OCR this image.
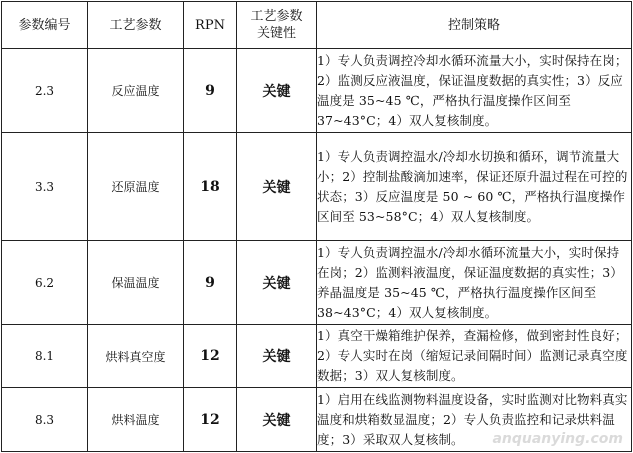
参数编号	工艺参数	RPN	工艺参数关键性	控制策略
2.3	反应温度	9	关键	1）专人负责调控冷却水循环流量大小，实时保持在岗；2）监测反应液温度，保证温度数据的真实性；3）反应温度是 35~45 ℃，严格执行温度操作区间至 37~43°C；4）双人复核制度。
3.3	还原温度	18	关键	1）专人负责调控温水/冷却水切换和循环，调节流量大小；2）控制盐酸滴加速率，保证还原升温过程在可控的状态；3）反应温度是 50 ~ 60 ℃，严格执行温度操作区间至 53~58°C；4）双人复核制度。
6.2	保温温度	9	关键	1）专人负责调控温水/冷却水循环流量大小，实时保持在岗；2）监测料液温度，保证温度数据的真实性；3）养晶温度是 35~45 ℃，严格执行温度操作区间至 38~43°C；4）双人复核制度。
8.1	烘料真空度	12	关键	1）真空干燥箱维护保养，查漏检修，做到密封性良好；2）专人实时在岗（缩短记录间隔时间）监测记录真空度数据；3）双人复核制度。
8.3	烘料温度	12	关键	1）启用在线监测物料温度设备，实时监测对比物料真实温度和烘箱数显温度；2）专人负责监控和记录烘料温度；3）采取双人复核制。 anquanying.com
